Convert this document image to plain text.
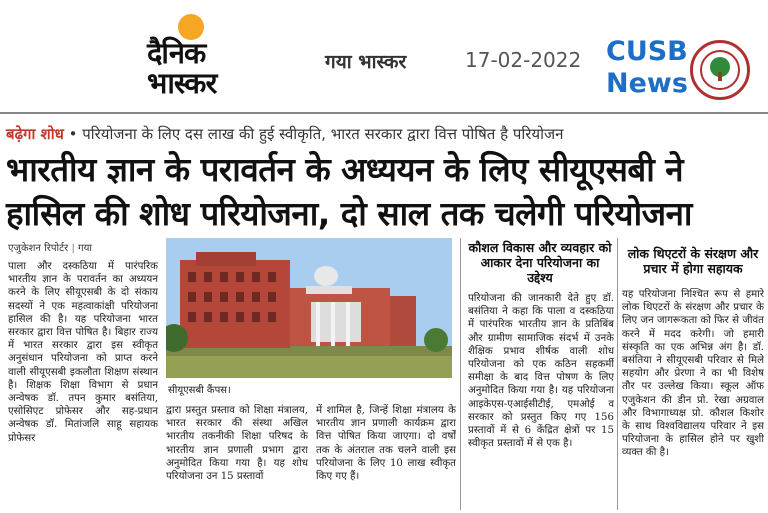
दैनिक भास्कर
गया भास्कर	17-02-2022 CUSB
News
बढ़ेगा शोध • परियोजना के लिए दस लाख की हुई स्वीकृति, भारत सरकार द्वारा वित्त पोषित है परियोजन
भारतीय ज्ञान के परावर्तन के अध्ययन के लिए सीयूएसबी ने हासिल की शोध परियोजना, दो साल तक चलेगी परियोजना
एजुकेशन रिपोर्टर | गया
पाला और दस्कठिया में पारंपरिक भारतीय ज्ञान के परावर्तन का अध्ययन करने के लिए सीयूएसबी के दो संकाय सदस्यों ने एक महत्वाकांक्षी परियोजना हासिल की है। यह परियोजना भारत सरकार द्वारा वित्त पोषित है। बिहार राज्य में भारत सरकार द्वारा इस स्वीकृत अनुसंधान परियोजना को प्राप्त करने वाली सीयूएसबी इकलौता शिक्षण संस्थान है। शिक्षक शिक्षा विभाग से प्रधान अन्वेषक डॉ. तपन कुमार बसंतिया, एसोसिएट प्रोफेसर और सह-प्रधान अन्वेषक डॉ. मितांजलि साहू सहायक प्रोफेसर
सीयूएसबी कैंपस।
द्वारा प्रस्तुत प्रस्ताव को शिक्षा मंत्रालय, भारत सरकार की संस्था अखिल भारतीय तकनीकी शिक्षा परिषद के भारतीय ज्ञान प्रणाली प्रभाग द्वारा अनुमोदित किया गया है। यह शोध परियोजना उन 15 प्रस्तावों
में शामिल है, जिन्हें शिक्षा मंत्रालय के भारतीय ज्ञान प्रणाली कार्यक्रम द्वारा वित्त पोषित किया जाएगा। दो वर्षों तक के अंतराल तक चलने वाली इस परियोजना के लिए 10 लाख स्वीकृत किए गए हैं।
कौशल विकास और व्यवहार को आकार देना परियोजना का उद्देश्य
परियोजना की जानकारी देते हुए डॉ. बसंतिया ने कहा कि पाला व दस्कठिया में पारंपरिक भारतीय ज्ञान के प्रतिबिंब और ग्रामीण सामाजिक संदर्भ में उनके शैक्षिक प्रभाव शीर्षक वाली शोध परियोजना को एक कठिन सहकर्मी समीक्षा के बाद वित्त पोषण के लिए अनुमोदित किया गया है। यह परियोजना आइकेएस-एआईसीटीई, एमओई व सरकार को प्रस्तुत किए गए 156 प्रस्तावों में से 6 केंद्रित क्षेत्रों पर 15 स्वीकृत प्रस्तावों में से एक है।
लोक थिएटरों के संरक्षण और प्रचार में होगा सहायक
यह परियोजना निश्चित रूप से हमारे लोक थिएटरों के संरक्षण और प्रचार के लिए जन जागरूकता को फिर से जीवंत करने में मदद करेगी। जो हमारी संस्कृति का एक अभिन्न अंग है। डॉ. बसंतिया ने सीयूएसबी परिवार से मिले सहयोग और प्रेरणा ने का भी विशेष तौर पर उल्लेख किया। स्कूल ऑफ एजुकेशन की डीन प्रो. रेखा अग्रवाल और विभागाध्यक्ष प्रो. कौशल किशोर के साथ विश्वविद्यालय परिवार ने इस परियोजना के हासिल होने पर खुशी व्यक्त की है।
